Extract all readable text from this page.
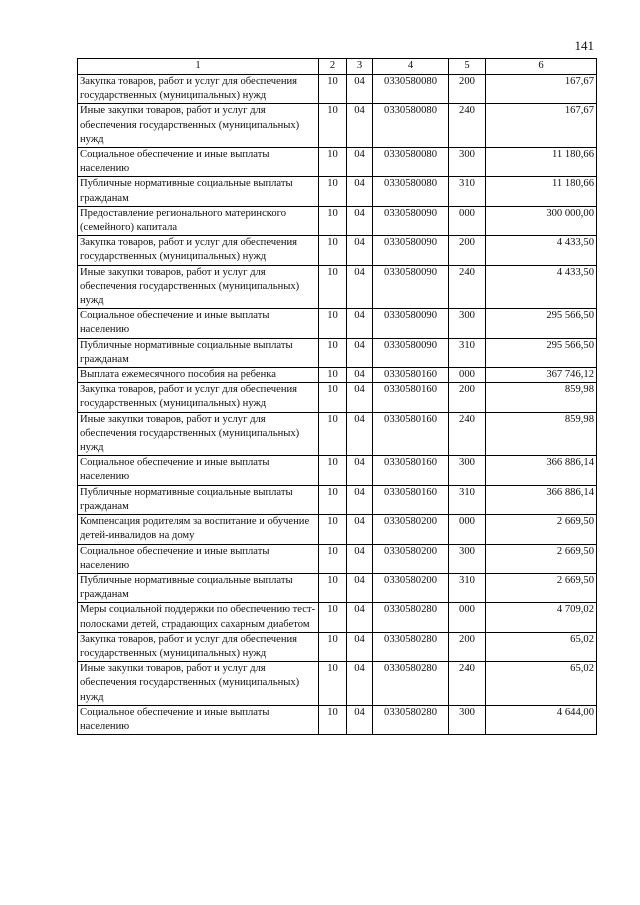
141
1	2	3	4	5	6
Закупка товаров, работ и услуг для обеспечения государственных (муниципальных) нужд	10	04	0330580080	200	167,67
Иные закупки товаров, работ и услуг для обеспечения государственных (муниципальных) нужд	10	04	0330580080	240	167,67
Социальное обеспечение и иные выплаты населению	10	04	0330580080	300	11 180,66
Публичные нормативные социальные выплаты гражданам	10	04	0330580080	310	11 180,66
Предоставление регионального материнского (семейного) капитала	10	04	0330580090	000	300 000,00
Закупка товаров, работ и услуг для обеспечения государственных (муниципальных) нужд	10	04	0330580090	200	4 433,50
Иные закупки товаров, работ и услуг для обеспечения государственных (муниципальных) нужд	10	04	0330580090	240	4 433,50
Социальное обеспечение и иные выплаты населению	10	04	0330580090	300	295 566,50
Публичные нормативные социальные выплаты гражданам	10	04	0330580090	310	295 566,50
Выплата ежемесячного пособия на ребенка	10	04	0330580160	000	367 746,12
Закупка товаров, работ и услуг для обеспечения государственных (муниципальных) нужд	10	04	0330580160	200	859,98
Иные закупки товаров, работ и услуг для обеспечения государственных (муниципальных) нужд	10	04	0330580160	240	859,98
Социальное обеспечение и иные выплаты населению	10	04	0330580160	300	366 886,14
Публичные нормативные социальные выплаты гражданам	10	04	0330580160	310	366 886,14
Компенсация родителям за воспитание и обучение детей-инвалидов на дому	10	04	0330580200	000	2 669,50
Социальное обеспечение и иные выплаты населению	10	04	0330580200	300	2 669,50
Публичные нормативные социальные выплаты гражданам	10	04	0330580200	310	2 669,50
Меры социальной поддержки по обеспечению тест-полосками детей, страдающих сахарным диабетом	10	04	0330580280	000	4 709,02
Закупка товаров, работ и услуг для обеспечения государственных (муниципальных) нужд	10	04	0330580280	200	65,02
Иные закупки товаров, работ и услуг для обеспечения государственных (муниципальных) нужд	10	04	0330580280	240	65,02
Социальное обеспечение и иные выплаты населению	10	04	0330580280	300	4 644,00
